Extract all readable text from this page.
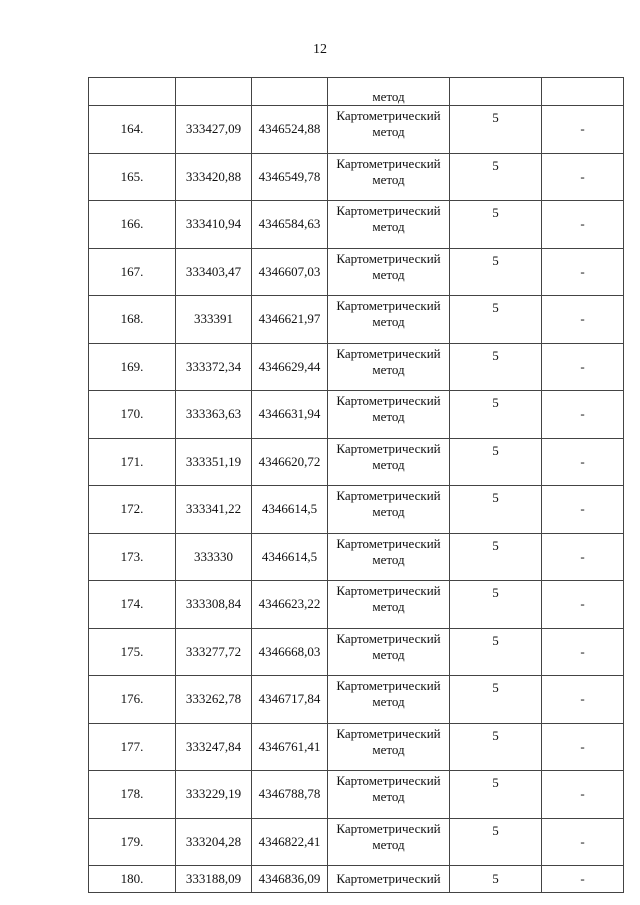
12
			метод		
164.	333427,09	4346524,88	Картометрический
метод	5	-
165.	333420,88	4346549,78	Картометрический
метод	5	-
166.	333410,94	4346584,63	Картометрический
метод	5	-
167.	333403,47	4346607,03	Картометрический
метод	5	-
168.	333391	4346621,97	Картометрический
метод	5	-
169.	333372,34	4346629,44	Картометрический
метод	5	-
170.	333363,63	4346631,94	Картометрический
метод	5	-
171.	333351,19	4346620,72	Картометрический
метод	5	-
172.	333341,22	4346614,5	Картометрический
метод	5	-
173.	333330	4346614,5	Картометрический
метод	5	-
174.	333308,84	4346623,22	Картометрический
метод	5	-
175.	333277,72	4346668,03	Картометрический
метод	5	-
176.	333262,78	4346717,84	Картометрический
метод	5	-
177.	333247,84	4346761,41	Картометрический
метод	5	-
178.	333229,19	4346788,78	Картометрический
метод	5	-
179.	333204,28	4346822,41	Картометрический
метод	5	-
180.	333188,09	4346836,09	Картометрический	5	-
